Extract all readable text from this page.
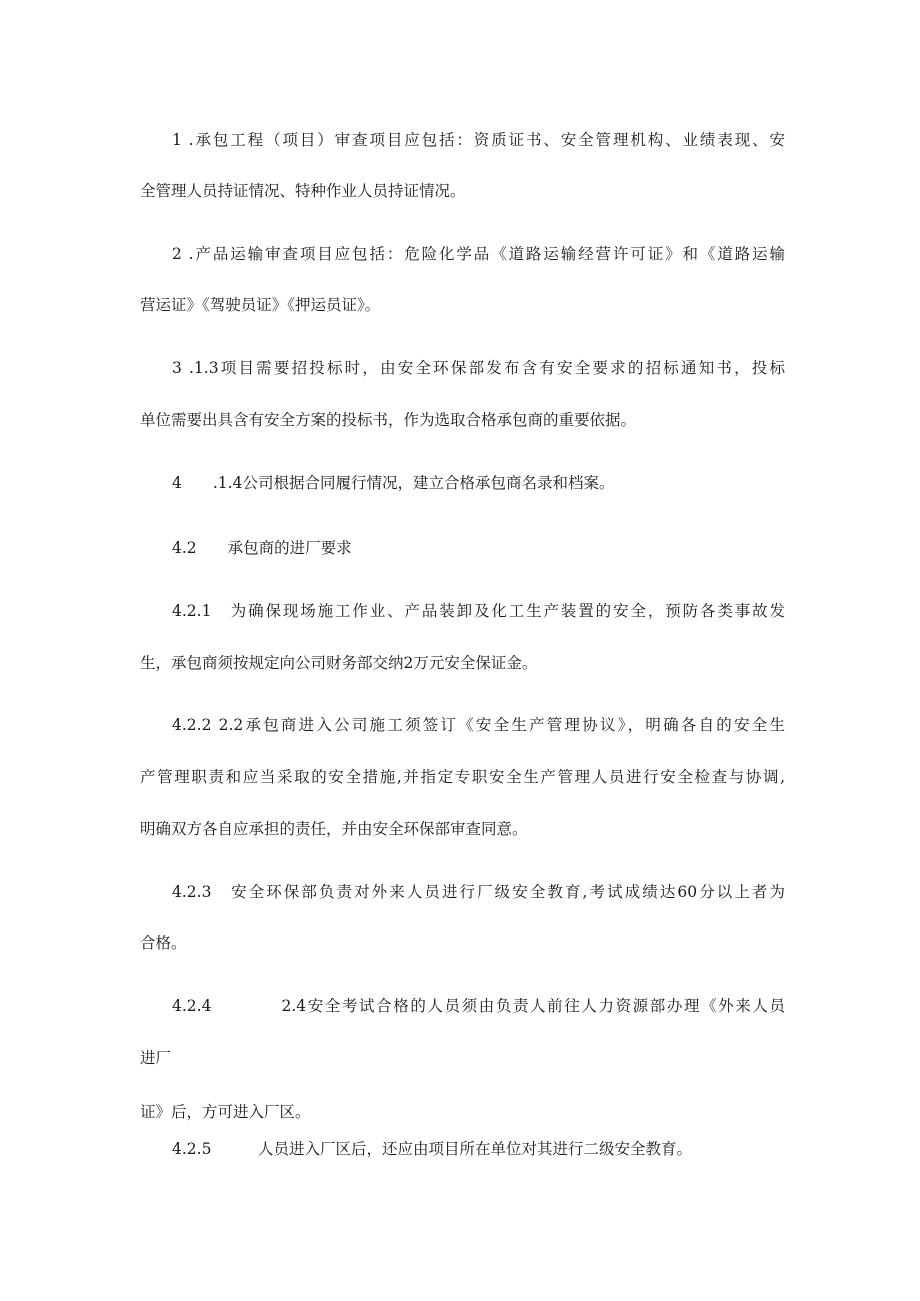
1 .承包工程（项目）审查项目应包括：资质证书、安全管理机构、业绩表现、安
全管理人员持证情况、特种作业人员持证情况。
2 .产品运输审查项目应包括：危险化学品《道路运输经营许可证》和《道路运输
营运证》《驾驶员证》《押运员证》。
3 .1.3项目需要招投标时，由安全环保部发布含有安全要求的招标通知书，投标
单位需要出具含有安全方案的投标书，作为选取合格承包商的重要依据。
4　　.1.4公司根据合同履行情况，建立合格承包商名录和档案。
4.2　　承包商的进厂要求
4.2.1　为确保现场施工作业、产品装卸及化工生产装置的安全，预防各类事故发
生，承包商须按规定向公司财务部交纳2万元安全保证金。
4.2.2 2.2承包商进入公司施工须签订《安全生产管理协议》，明确各自的安全生
产管理职责和应当采取的安全措施,并指定专职安全生产管理人员进行安全检查与协调,
明确双方各自应承担的责任，并由安全环保部审查同意。
4.2.3　安全环保部负责对外来人员进行厂级安全教育,考试成绩达60分以上者为
合格。
4.2.4　　　　2.4安全考试合格的人员须由负责人前往人力资源部办理《外来人员
进厂
证》后，方可进入厂区。
4.2.5　　　人员进入厂区后，还应由项目所在单位对其进行二级安全教育。
